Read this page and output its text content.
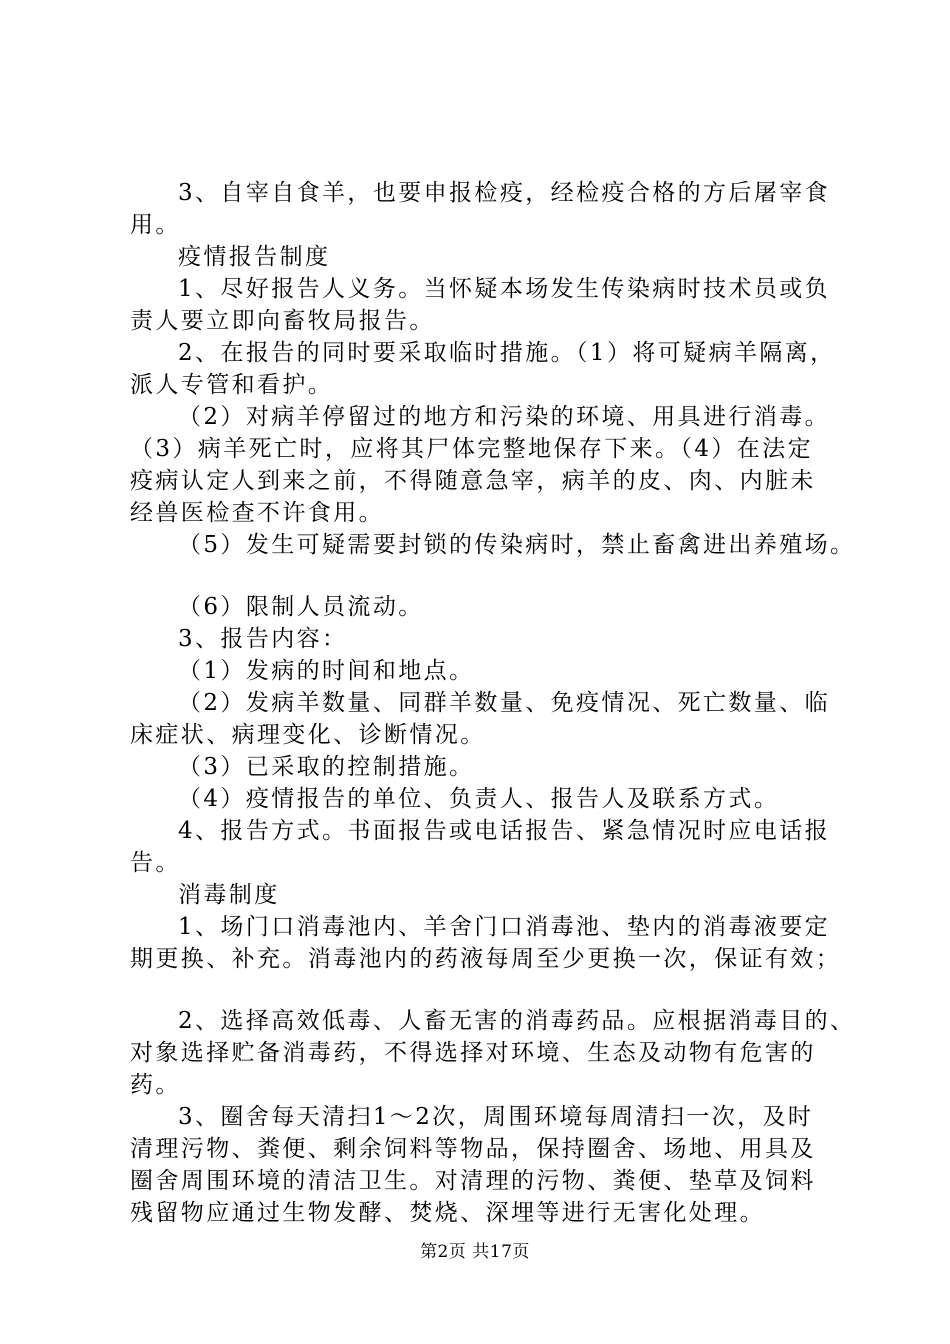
3、自宰自食羊，也要申报检疫，经检疫合格的方后屠宰食
用。
疫情报告制度
1、尽好报告人义务。当怀疑本场发生传染病时技术员或负
责人要立即向畜牧局报告。
2、在报告的同时要采取临时措施。（1）将可疑病羊隔离，
派人专管和看护。
（2）对病羊停留过的地方和污染的环境、用具进行消毒。
（3）病羊死亡时，应将其尸体完整地保存下来。（4）在法定
疫病认定人到来之前，不得随意急宰，病羊的皮、肉、内脏未
经兽医检查不许食用。
（5）发生可疑需要封锁的传染病时，禁止畜禽进出养殖场。
（6）限制人员流动。
3、报告内容：
（1）发病的时间和地点。
（2）发病羊数量、同群羊数量、免疫情况、死亡数量、临
床症状、病理变化、诊断情况。
（3）已采取的控制措施。
（4）疫情报告的单位、负责人、报告人及联系方式。
4、报告方式。书面报告或电话报告、紧急情况时应电话报
告。
消毒制度
1、场门口消毒池内、羊舍门口消毒池、垫内的消毒液要定
期更换、补充。消毒池内的药液每周至少更换一次，保证有效；
2、选择高效低毒、人畜无害的消毒药品。应根据消毒目的、
对象选择贮备消毒药，不得选择对环境、生态及动物有危害的
药。
3、圈舍每天清扫1～2次，周围环境每周清扫一次，及时
清理污物、粪便、剩余饲料等物品，保持圈舍、场地、用具及
圈舍周围环境的清洁卫生。对清理的污物、粪便、垫草及饲料
残留物应通过生物发酵、焚烧、深埋等进行无害化处理。
第2页 共17页
